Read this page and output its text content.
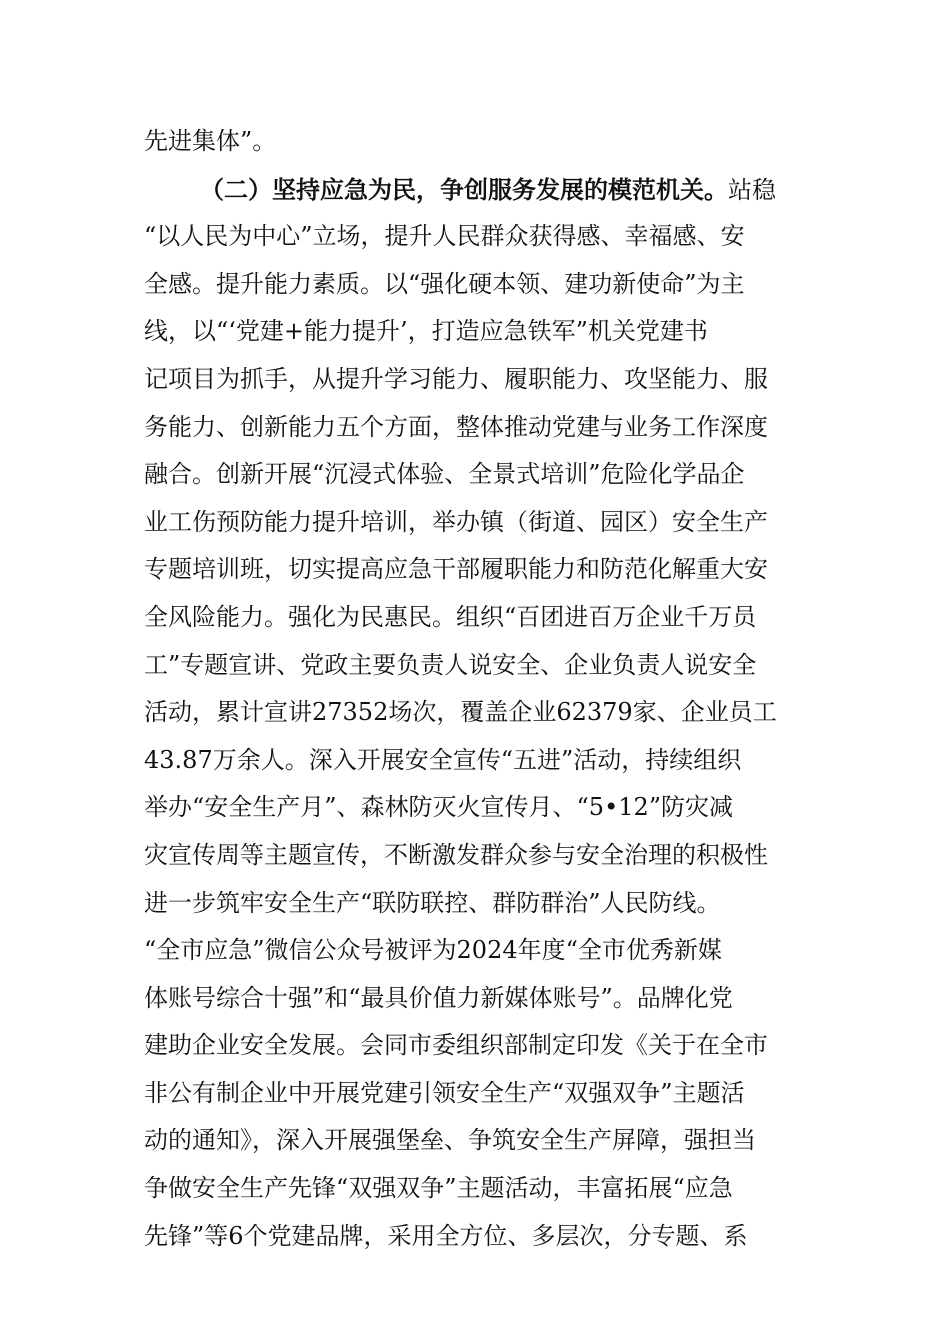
先进集体”。
（二）坚持应急为民，争创服务发展的模范机关。站稳
“以人民为中心”立场，提升人民群众获得感、幸福感、安
全感。提升能力素质。以“强化硬本领、建功新使命”为主
线，以“‘党建+能力提升’，打造应急铁军”机关党建书
记项目为抓手，从提升学习能力、履职能力、攻坚能力、服
务能力、创新能力五个方面，整体推动党建与业务工作深度
融合。创新开展“沉浸式体验、全景式培训”危险化学品企
业工伤预防能力提升培训，举办镇（街道、园区）安全生产
专题培训班，切实提高应急干部履职能力和防范化解重大安
全风险能力。强化为民惠民。组织“百团进百万企业千万员
工”专题宣讲、党政主要负责人说安全、企业负责人说安全
活动，累计宣讲27352场次，覆盖企业62379家、企业员工
43.87万余人。深入开展安全宣传“五进”活动，持续组织
举办“安全生产月”、森林防灭火宣传月、“5•12”防灾减
灾宣传周等主题宣传，不断激发群众参与安全治理的积极性
进一步筑牢安全生产“联防联控、群防群治”人民防线。
“全市应急”微信公众号被评为2024年度“全市优秀新媒
体账号综合十强”和“最具价值力新媒体账号”。品牌化党
建助企业安全发展。会同市委组织部制定印发《关于在全市
非公有制企业中开展党建引领安全生产“双强双争”主题活
动的通知》，深入开展强堡垒、争筑安全生产屏障，强担当
争做安全生产先锋“双强双争”主题活动，丰富拓展“应急
先锋”等6个党建品牌，采用全方位、多层次，分专题、系
